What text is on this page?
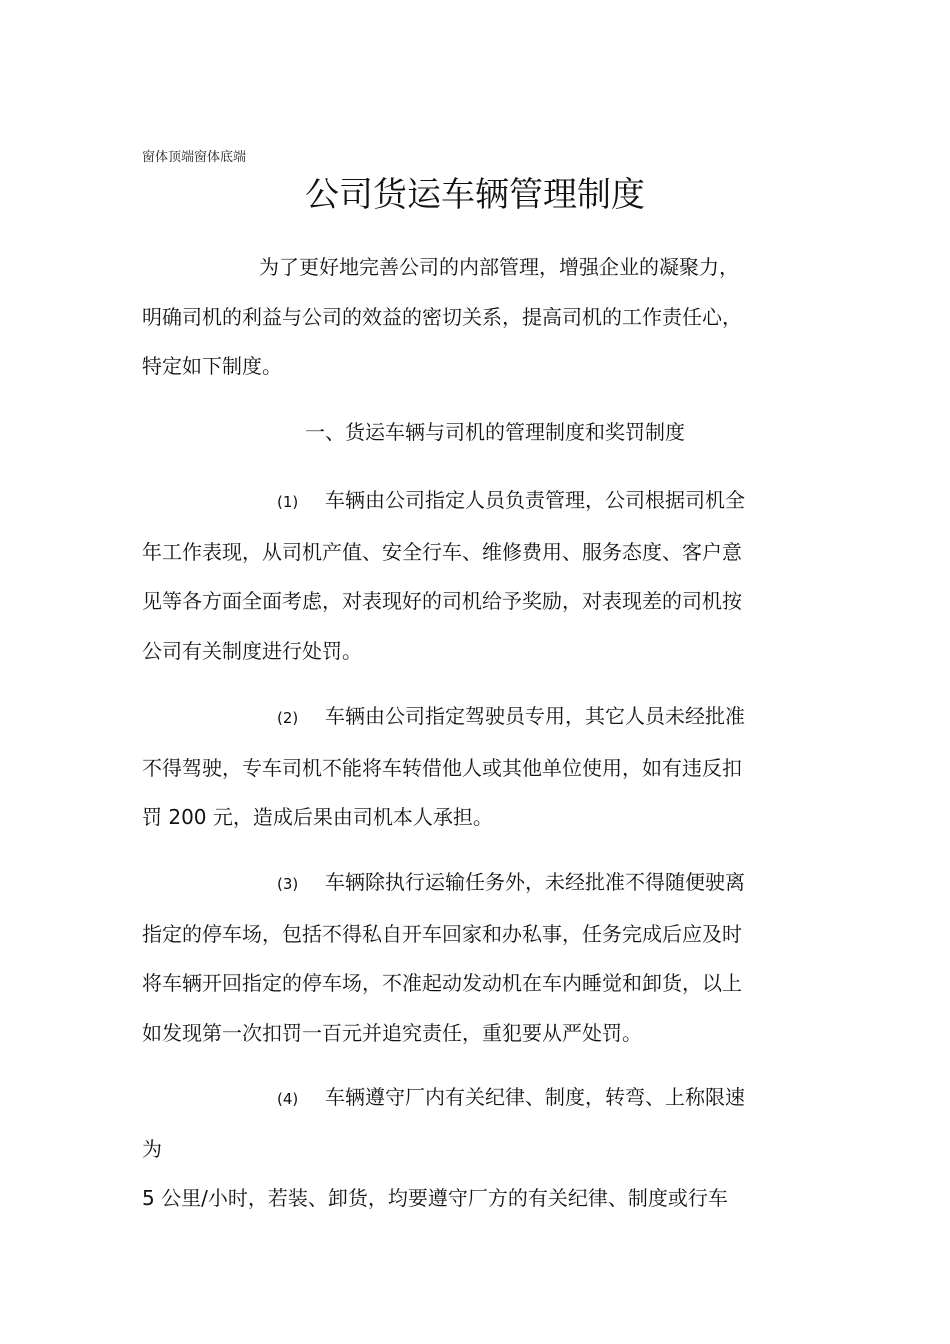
窗体顶端窗体底端
公司货运车辆管理制度
为了更好地完善公司的内部管理，增强企业的凝聚力，
明确司机的利益与公司的效益的密切关系，提高司机的工作责任心，
特定如下制度。
一、货运车辆与司机的管理制度和奖罚制度
(1) 车辆由公司指定人员负责管理，公司根据司机全
年工作表现，从司机产值、安全行车、维修费用、服务态度、客户意
见等各方面全面考虑，对表现好的司机给予奖励，对表现差的司机按
公司有关制度进行处罚。
(2) 车辆由公司指定驾驶员专用，其它人员未经批准
不得驾驶，专车司机不能将车转借他人或其他单位使用，如有违反扣
罚 200 元，造成后果由司机本人承担。
(3) 车辆除执行运输任务外，未经批准不得随便驶离
指定的停车场，包括不得私自开车回家和办私事，任务完成后应及时
将车辆开回指定的停车场，不准起动发动机在车内睡觉和卸货，以上
如发现第一次扣罚一百元并追究责任，重犯要从严处罚。
(4) 车辆遵守厂内有关纪律、制度，转弯、上称限速
为
5 公里/小时，若装、卸货，均要遵守厂方的有关纪律、制度或行车
